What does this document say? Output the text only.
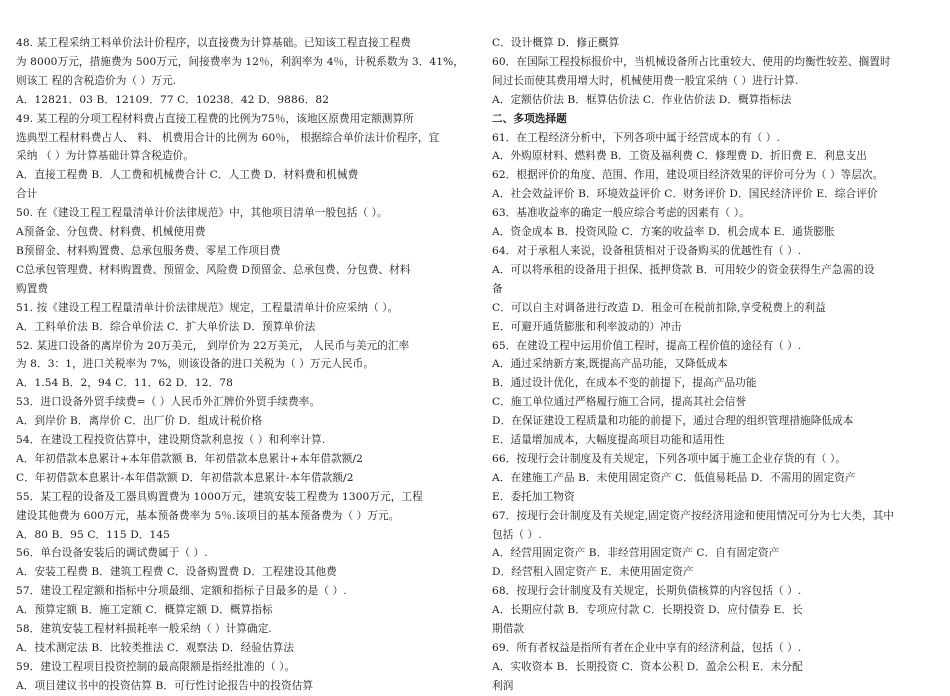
48. 某工程采纳工料单价法计价程序，以直接费为计算基础。已知该工程直接工程费
为 8000万元，措施费为 500万元，间接费率为 12％，利润率为 4％，计税系数为 3．41%，
则该工 程的含税造价为（ ）万元.
A．12821．03 B．12109．77 C．10238．42 D．9886．82
49. 某工程的分项工程材料费占直接工程费的比例为75％，该地区原费用定额测算所
选典型工程材料费占人、 料、 机费用合计的比例为 60％， 根据综合单价法计价程序，宜
采纳 （ ）为计算基础计算含税造价。
A．直接工程费 B．人工费和机械费合计 C．人工费 D．材料费和机械费
合计
50. 在《建设工程工程量清单计价法律规范》中，其他项目清单一般包括（ ）。
A预备金、分包费、材料费、机械使用费
B预留金、材料购置费、总承包服务费、零星工作项目费
C总承包管理费、材料购置费、预留金、风险费 D预留金、总承包费、分包费、材料
购置费
51. 按《建设工程工程量清单计价法律规范》规定，工程量清单计价应采纳（ ）。
A．工料单价法 B．综合单价法 C．扩大单价法 D．预算单价法
52. 某进口设备的离岸价为 20万美元， 到岸价为 22万美元， 人民币与美元的汇率
为 8．3：1，进口关税率为 7%，则该设备的进口关税为（ ）万元人民币。
A．1.54 B．2，94 C．11．62 D．12．78
53．进口设备外贸手续费=（ ）人民币外汇牌价外贸手续费率。
A．到岸价 B．离岸价 C．出厂价 D．组成计税价格
54．在建设工程投资估算中，建设期贷款利息按（ ）和利率计算.
A．年初借款本息累计+本年借款额 B．年初借款本息累计+本年借款额/2
C．年初借款本息累计-本年借款额 D．年初借款本息累计-本年借款额/2
55．某工程的设备及工器具购置费为 1000万元，建筑安装工程费为 1300万元，工程
建设其他费为 600万元，基本预备费率为 5％.该项目的基本预备费为（ ）万元。
A．80 B．95 C．115 D．145
56．单台设备安装后的调试费属于（ ）.
A．安装工程费 B．建筑工程费 C．设备购置费 D．工程建设其他费
57．建设工程定额和指标中分项最细、定额和指标子目最多的是（ ）.
A．预算定额 B．施工定额 C．概算定额 D．概算指标
58．建筑安装工程材料损耗率一般采纳（ ）计算确定.
A．技术测定法 B．比较类推法 C．观察法 D．经验估算法
59．建设工程项目投资控制的最高限额是指经批准的（ ）。
A．项目建议书中的投资估算 B．可行性讨论报告中的投资估算
C．设计概算 D．修正概算
60．在国际工程投标报价中，当机械设备所占比重较大、使用的均衡性较差、搁置时
间过长而使其费用增大时，机械使用费一般宜采纳（ ）进行计算.
A．定额估价法 B．框算估价法 C．作业估价法 D．概算指标法
二、多项选择题
61．在工程经济分析中，下列各项中属于经营成本的有（ ）.
A．外购原材料、燃料费 B．工资及福利费 C．修理费 D．折旧费 E．利息支出
62．根据评价的角度、范围、作用，建设项目经济效果的评价可分为（ ）等层次。
A．社会效益评价 B．环境效益评价 C．财务评价 D．国民经济评价 E．综合评价
63．基准收益率的确定一般应综合考虑的因素有（ ）。
A．资金成本 B．投资风险 C．方案的收益率 D．机会成本 E．通货膨胀
64．对于承租人来说，设备租赁相对于设备购买的优越性有（ ）.
A．可以将承租的设备用于担保、抵押贷款 B．可用较少的资金获得生产急需的设
备
C．可以自主对调备进行改造 D．租金可在税前扣除,享受税费上的利益
E．可避开通货膨胀和利率波动的）冲击
65．在建设工程中运用价值工程时，提高工程价值的途径有（ ）.
A．通过采纳新方案,既提高产品功能，又降低成本
B．通过设计优化，在成本不变的前提下，提高产品功能
C．施工单位通过严格履行施工合同，提高其社会信誉
D．在保证建设工程质量和功能的前提下，通过合理的组织管理措施降低成本
E．适量增加成本，大幅度提高项目功能和适用性
66．按现行会计制度及有关规定，下列各项中属于施工企业存货的有（ ）。
A．在建施工产品 B．未使用固定资产 C．低值易耗品 D．不需用的固定资产
E．委托加工物资
67．按现行会计制度及有关规定,固定资产按经济用途和使用情况可分为七大类，其中
包括（ ）.
A．经营用固定资产 B．非经营用固定资产 C．自有固定资产
D．经营租入固定资产 E．未使用固定资产
68．按现行会计制度及有关规定，长期负债核算的内容包括（ ）.
A．长期应付款 B．专项应付款 C．长期投资 D．应付债券 E．长
期借款
69．所有者权益是指所有者在企业中享有的经济利益，包括（ ）.
A．实收资本 B．长期投资 C．资本公积 D．盈余公积 E．未分配
利润
